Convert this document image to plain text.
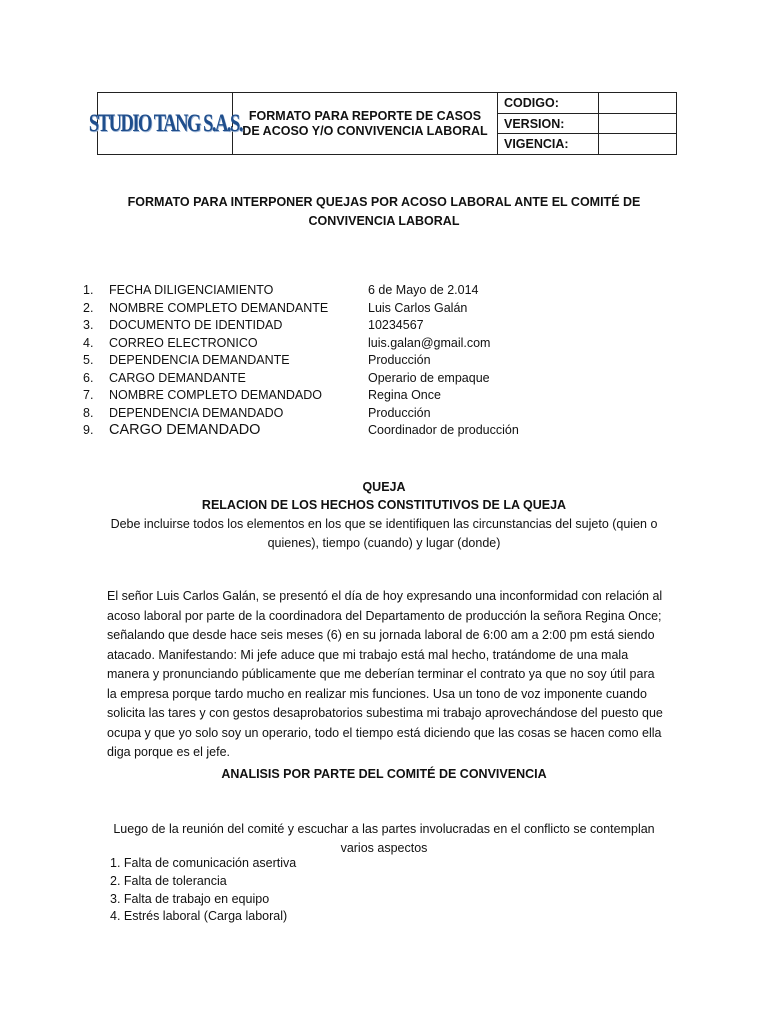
STUDIO TANG S.A.S. FORMATO PARA REPORTE DE CASOS
DE ACOSO Y/O CONVIVENCIA LABORAL
CODIGO:
VERSION:
VIGENCIA:
FORMATO PARA INTERPONER QUEJAS POR ACOSO LABORAL ANTE EL COMITÉ DE
CONVIVENCIA LABORAL
1.	FECHA DILIGENCIAMIENTO	6 de Mayo de 2.014
2.	NOMBRE COMPLETO DEMANDANTE	Luis Carlos Galán
3.	DOCUMENTO DE IDENTIDAD	10234567
4.	CORREO ELECTRONICO	luis.galan@gmail.com
5.	DEPENDENCIA DEMANDANTE	Producción
6.	CARGO DEMANDANTE	Operario de empaque
7.	NOMBRE COMPLETO DEMANDADO	Regina Once
8.	DEPENDENCIA DEMANDADO	Producción
9.	CARGO DEMANDADO	Coordinador de producción
QUEJA
RELACION DE LOS HECHOS CONSTITUTIVOS DE LA QUEJA
Debe incluirse todos los elementos en los que se identifiquen las circunstancias del sujeto (quien o
quienes), tiempo (cuando) y lugar (donde)
El señor Luis Carlos Galán, se presentó el día de hoy expresando una inconformidad con relación al acoso laboral por parte de la coordinadora del Departamento de producción la señora Regina Once; señalando que desde hace seis meses (6) en su jornada laboral de 6:00 am a 2:00 pm está siendo atacado. Manifestando: Mi jefe aduce que mi trabajo está mal hecho, tratándome de una mala manera y pronunciando públicamente que me deberían terminar el contrato ya que no soy útil para la empresa porque tardo mucho en realizar mis funciones. Usa un tono de voz imponente cuando solicita las tares y con gestos desaprobatorios subestima mi trabajo aprovechándose del puesto que ocupa y que yo solo soy un operario, todo el tiempo está diciendo que las cosas se hacen como ella diga porque es el jefe.
ANALISIS POR PARTE DEL COMITÉ DE CONVIVENCIA
Luego de la reunión del comité y escuchar a las partes involucradas en el conflicto se contemplan
varios aspectos
1. Falta de comunicación asertiva
2. Falta de tolerancia
3. Falta de trabajo en equipo
4. Estrés laboral (Carga laboral)
